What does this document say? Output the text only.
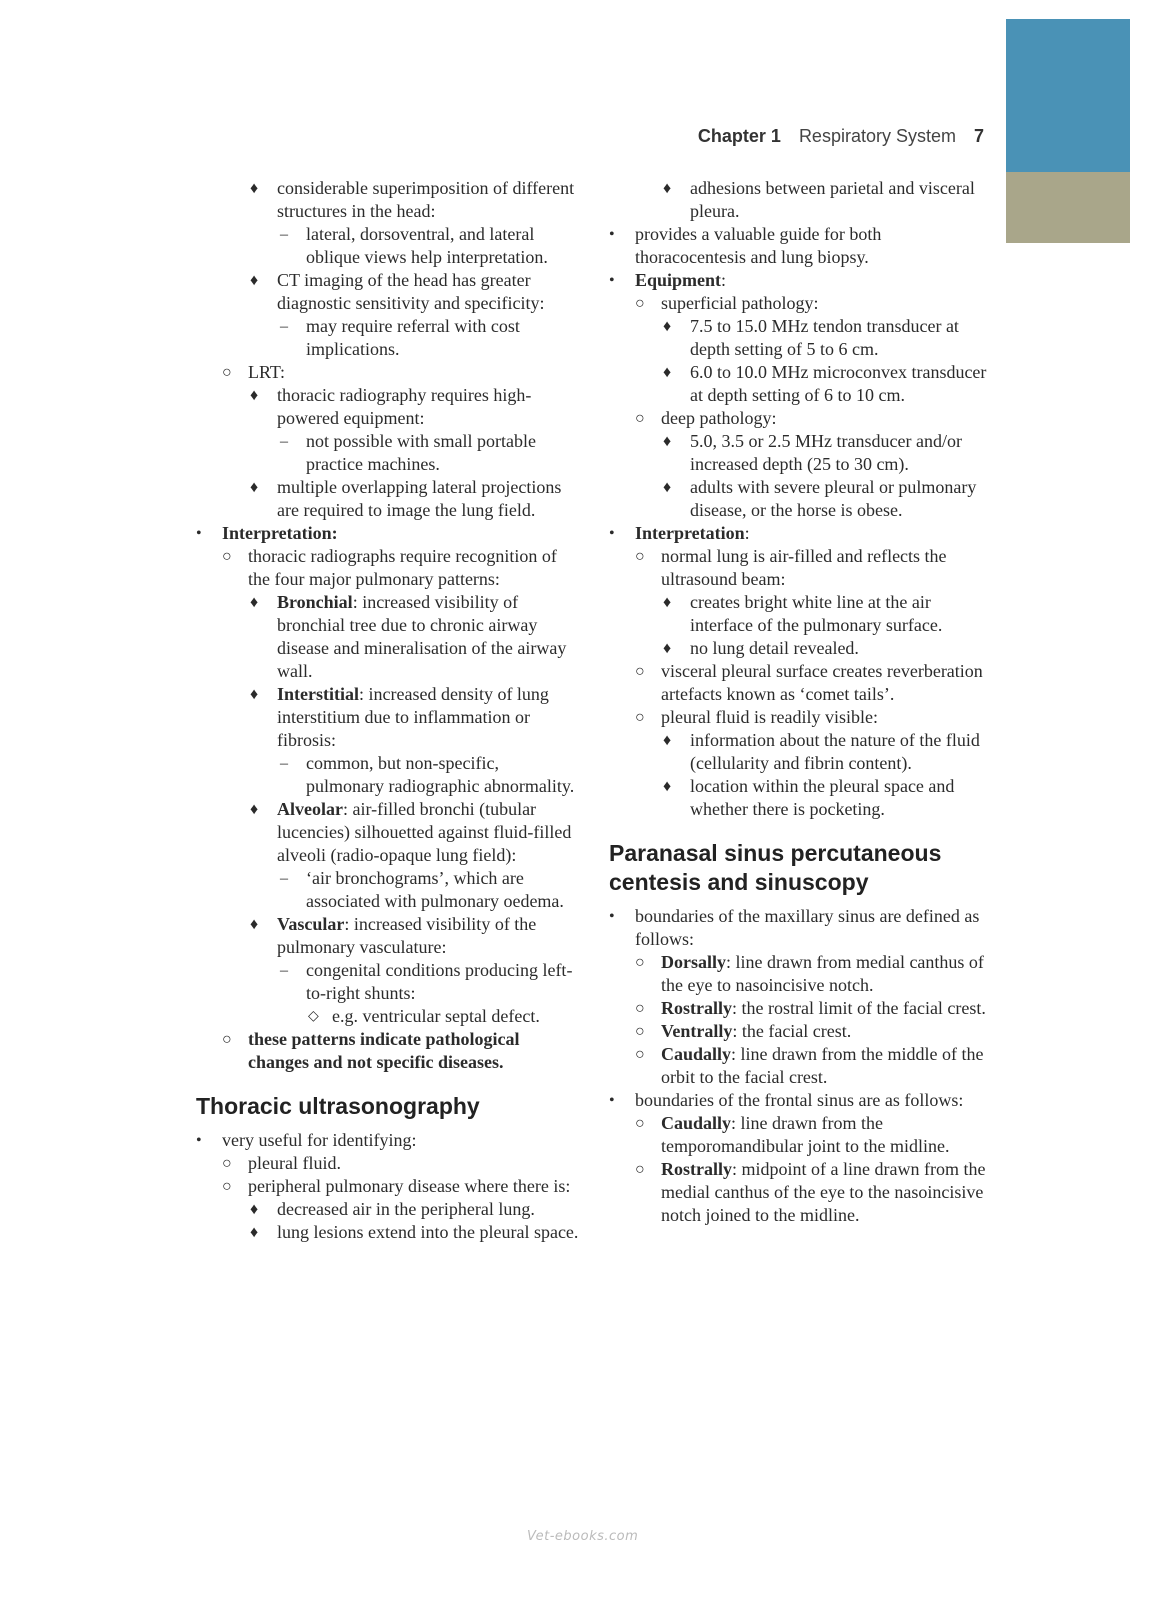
Chapter 1 Respiratory System 7
♦	considerable superimposition of different structures in the head:
–	lateral, dorsoventral, and lateral oblique views help interpretation.
♦	CT imaging of the head has greater diagnostic sensitivity and specificity:
–	may require referral with cost implications.
○ LRT:
♦	thoracic radiography requires high-powered equipment:
–	not possible with small portable practice machines.
♦	multiple overlapping lateral projections are required to image the lung field.
•	Interpretation:
○ thoracic radiographs require recognition of the four major pulmonary patterns:
♦	Bronchial: increased visibility of bronchial tree due to chronic airway disease and mineralisation of the airway wall.
♦	Interstitial: increased density of lung interstitium due to inflammation or fibrosis:
–	common, but non-specific, pulmonary radiographic abnormality.
♦	Alveolar: air-filled bronchi (tubular lucencies) silhouetted against fluid-filled alveoli (radio-opaque lung field):
–	‘air bronchograms’, which are associated with pulmonary oedema.
♦	Vascular: increased visibility of the pulmonary vasculature:
–	congenital conditions producing left-to-right shunts:
◇ e.g. ventricular septal defect.
○ these patterns indicate pathological changes and not specific diseases.
Thoracic ultrasonography
•	very useful for identifying:
○ pleural fluid.
○ peripheral pulmonary disease where there is:
♦	decreased air in the peripheral lung.
♦	lung lesions extend into the pleural space.
♦	adhesions between parietal and visceral pleura.
•	provides a valuable guide for both thoracocentesis and lung biopsy.
•	Equipment:
○ superficial pathology:
♦	7.5 to 15.0 MHz tendon transducer at depth setting of 5 to 6 cm.
♦	6.0 to 10.0 MHz microconvex transducer at depth setting of 6 to 10 cm.
○ deep pathology:
♦	5.0, 3.5 or 2.5 MHz transducer and/or increased depth (25 to 30 cm).
♦	adults with severe pleural or pulmonary disease, or the horse is obese.
•	Interpretation:
○ normal lung is air-filled and reflects the ultrasound beam:
♦	creates bright white line at the air interface of the pulmonary surface.
♦	no lung detail revealed.
○ visceral pleural surface creates reverberation artefacts known as ‘comet tails’.
○ pleural fluid is readily visible:
♦	information about the nature of the fluid (cellularity and fibrin content).
♦	location within the pleural space and whether there is pocketing.
Paranasal sinus percutaneous centesis and sinuscopy
•	boundaries of the maxillary sinus are defined as follows:
○ Dorsally: line drawn from medial canthus of the eye to nasoincisive notch.
○ Rostrally: the rostral limit of the facial crest.
○ Ventrally: the facial crest.
○ Caudally: line drawn from the middle of the orbit to the facial crest.
•	boundaries of the frontal sinus are as follows:
○ Caudally: line drawn from the temporomandibular joint to the midline.
○ Rostrally: midpoint of a line drawn from the medial canthus of the eye to the nasoincisive notch joined to the midline.
Vet-ebooks.com
